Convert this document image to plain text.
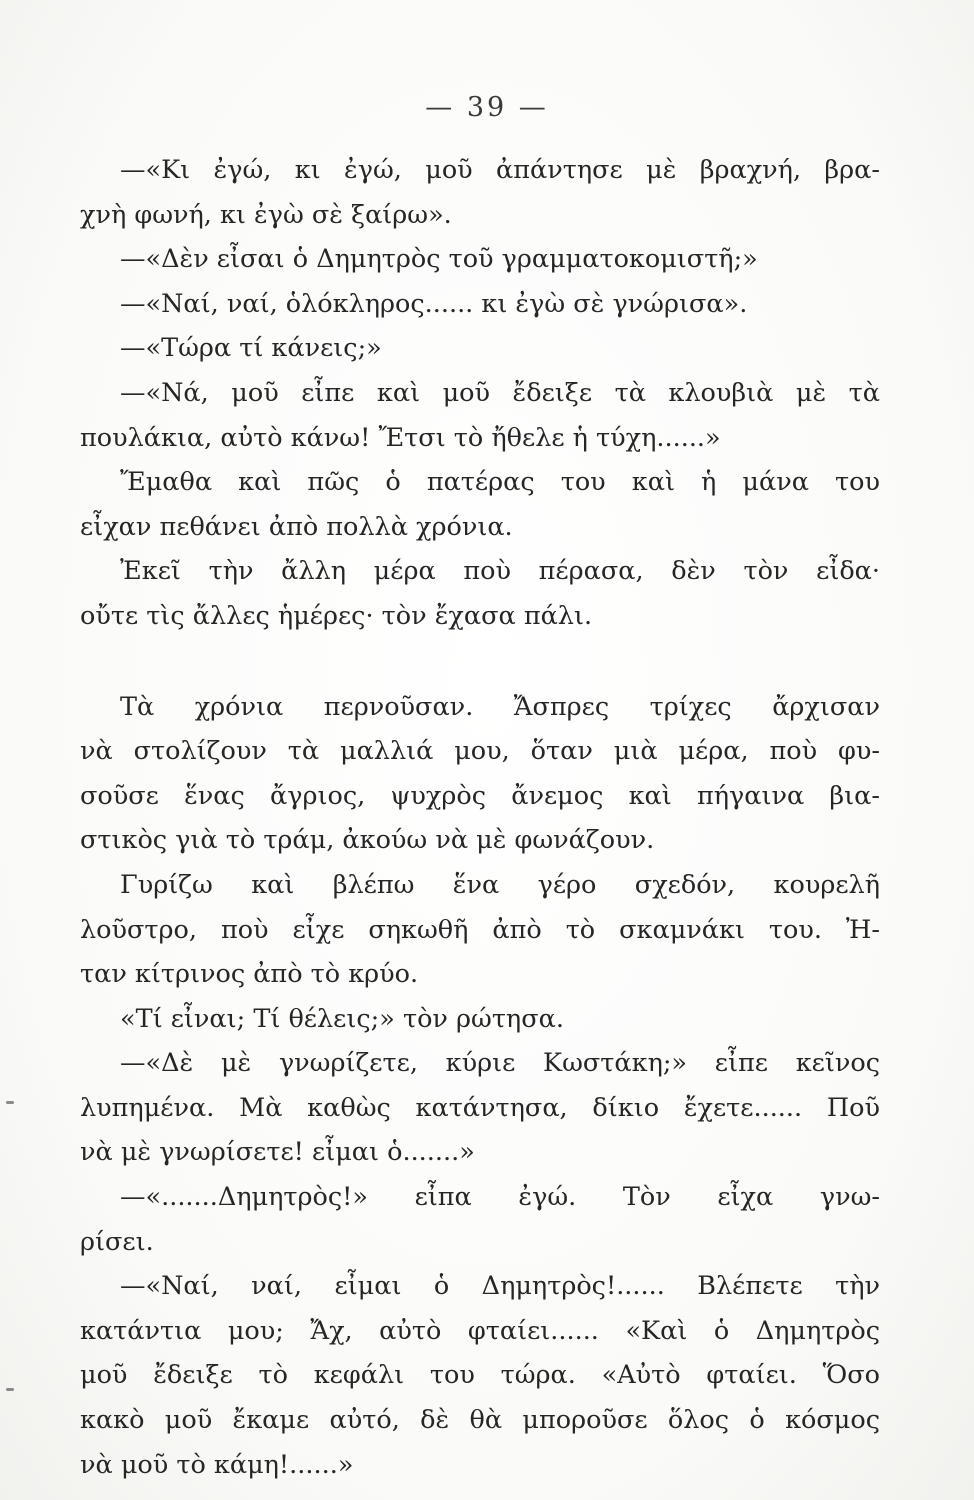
— 39 —
—«Κι ἐγώ, κι ἐγώ, μοῦ ἀπάντησε μὲ βραχνή, βρα-
χνὴ φωνή, κι ἐγὼ σὲ ξαίρω».
—«Δὲν εἶσαι ὁ Δημητρὸς τοῦ γραμματοκομιστῆ;»
—«Ναί, ναί, ὁλόκληρος...... κι ἐγὼ σὲ γνώρισα».
—«Τώρα τί κάνεις;»
—«Νά, μοῦ εἶπε καὶ μοῦ ἔδειξε τὰ κλουβιὰ μὲ τὰ
πουλάκια, αὐτὸ κάνω! Ἔτσι τὸ ἤθελε ἡ τύχη......»
Ἔμαθα καὶ πῶς ὁ πατέρας του καὶ ἡ μάνα του
εἶχαν πεθάνει ἀπὸ πολλὰ χρόνια.
Ἐκεῖ τὴν ἄλλη μέρα ποὺ πέρασα, δὲν τὸν εἶδα·
οὔτε τὶς ἄλλες ἡμέρες· τὸν ἔχασα πάλι.
Τὰ χρόνια περνοῦσαν. Ἄσπρες τρίχες ἄρχισαν
νὰ στολίζουν τὰ μαλλιά μου, ὅταν μιὰ μέρα, ποὺ φυ-
σοῦσε ἕνας ἄγριος, ψυχρὸς ἄνεμος καὶ πήγαινα βια-
στικὸς γιὰ τὸ τράμ, ἀκούω νὰ μὲ φωνάζουν.
Γυρίζω καὶ βλέπω ἕνα γέρο σχεδόν, κουρελῆ
λοῦστρο, ποὺ εἶχε σηκωθῆ ἀπὸ τὸ σκαμνάκι του. Ἠ-
ταν κίτρινος ἀπὸ τὸ κρύο.
«Τί εἶναι; Τί θέλεις;» τὸν ρώτησα.
—«Δὲ μὲ γνωρίζετε, κύριε Κωστάκη;» εἶπε κεῖνος
λυπημένα. Μὰ καθὼς κατάντησα, δίκιο ἔχετε...... Ποῦ
νὰ μὲ γνωρίσετε! εἶμαι ὁ.......»
—«.......Δημητρὸς!» εἶπα ἐγώ. Τὸν εἶχα γνω-
ρίσει.
—«Ναί, ναί, εἶμαι ὁ Δημητρὸς!...... Βλέπετε τὴν
κατάντια μου; Ἄχ, αὐτὸ φταίει...... «Καὶ ὁ Δημητρὸς
μοῦ ἔδειξε τὸ κεφάλι του τώρα. «Αὐτὸ φταίει. Ὅσο
κακὸ μοῦ ἔκαμε αὐτό, δὲ θὰ μποροῦσε ὅλος ὁ κόσμος
νὰ μοῦ τὸ κάμη!......»
